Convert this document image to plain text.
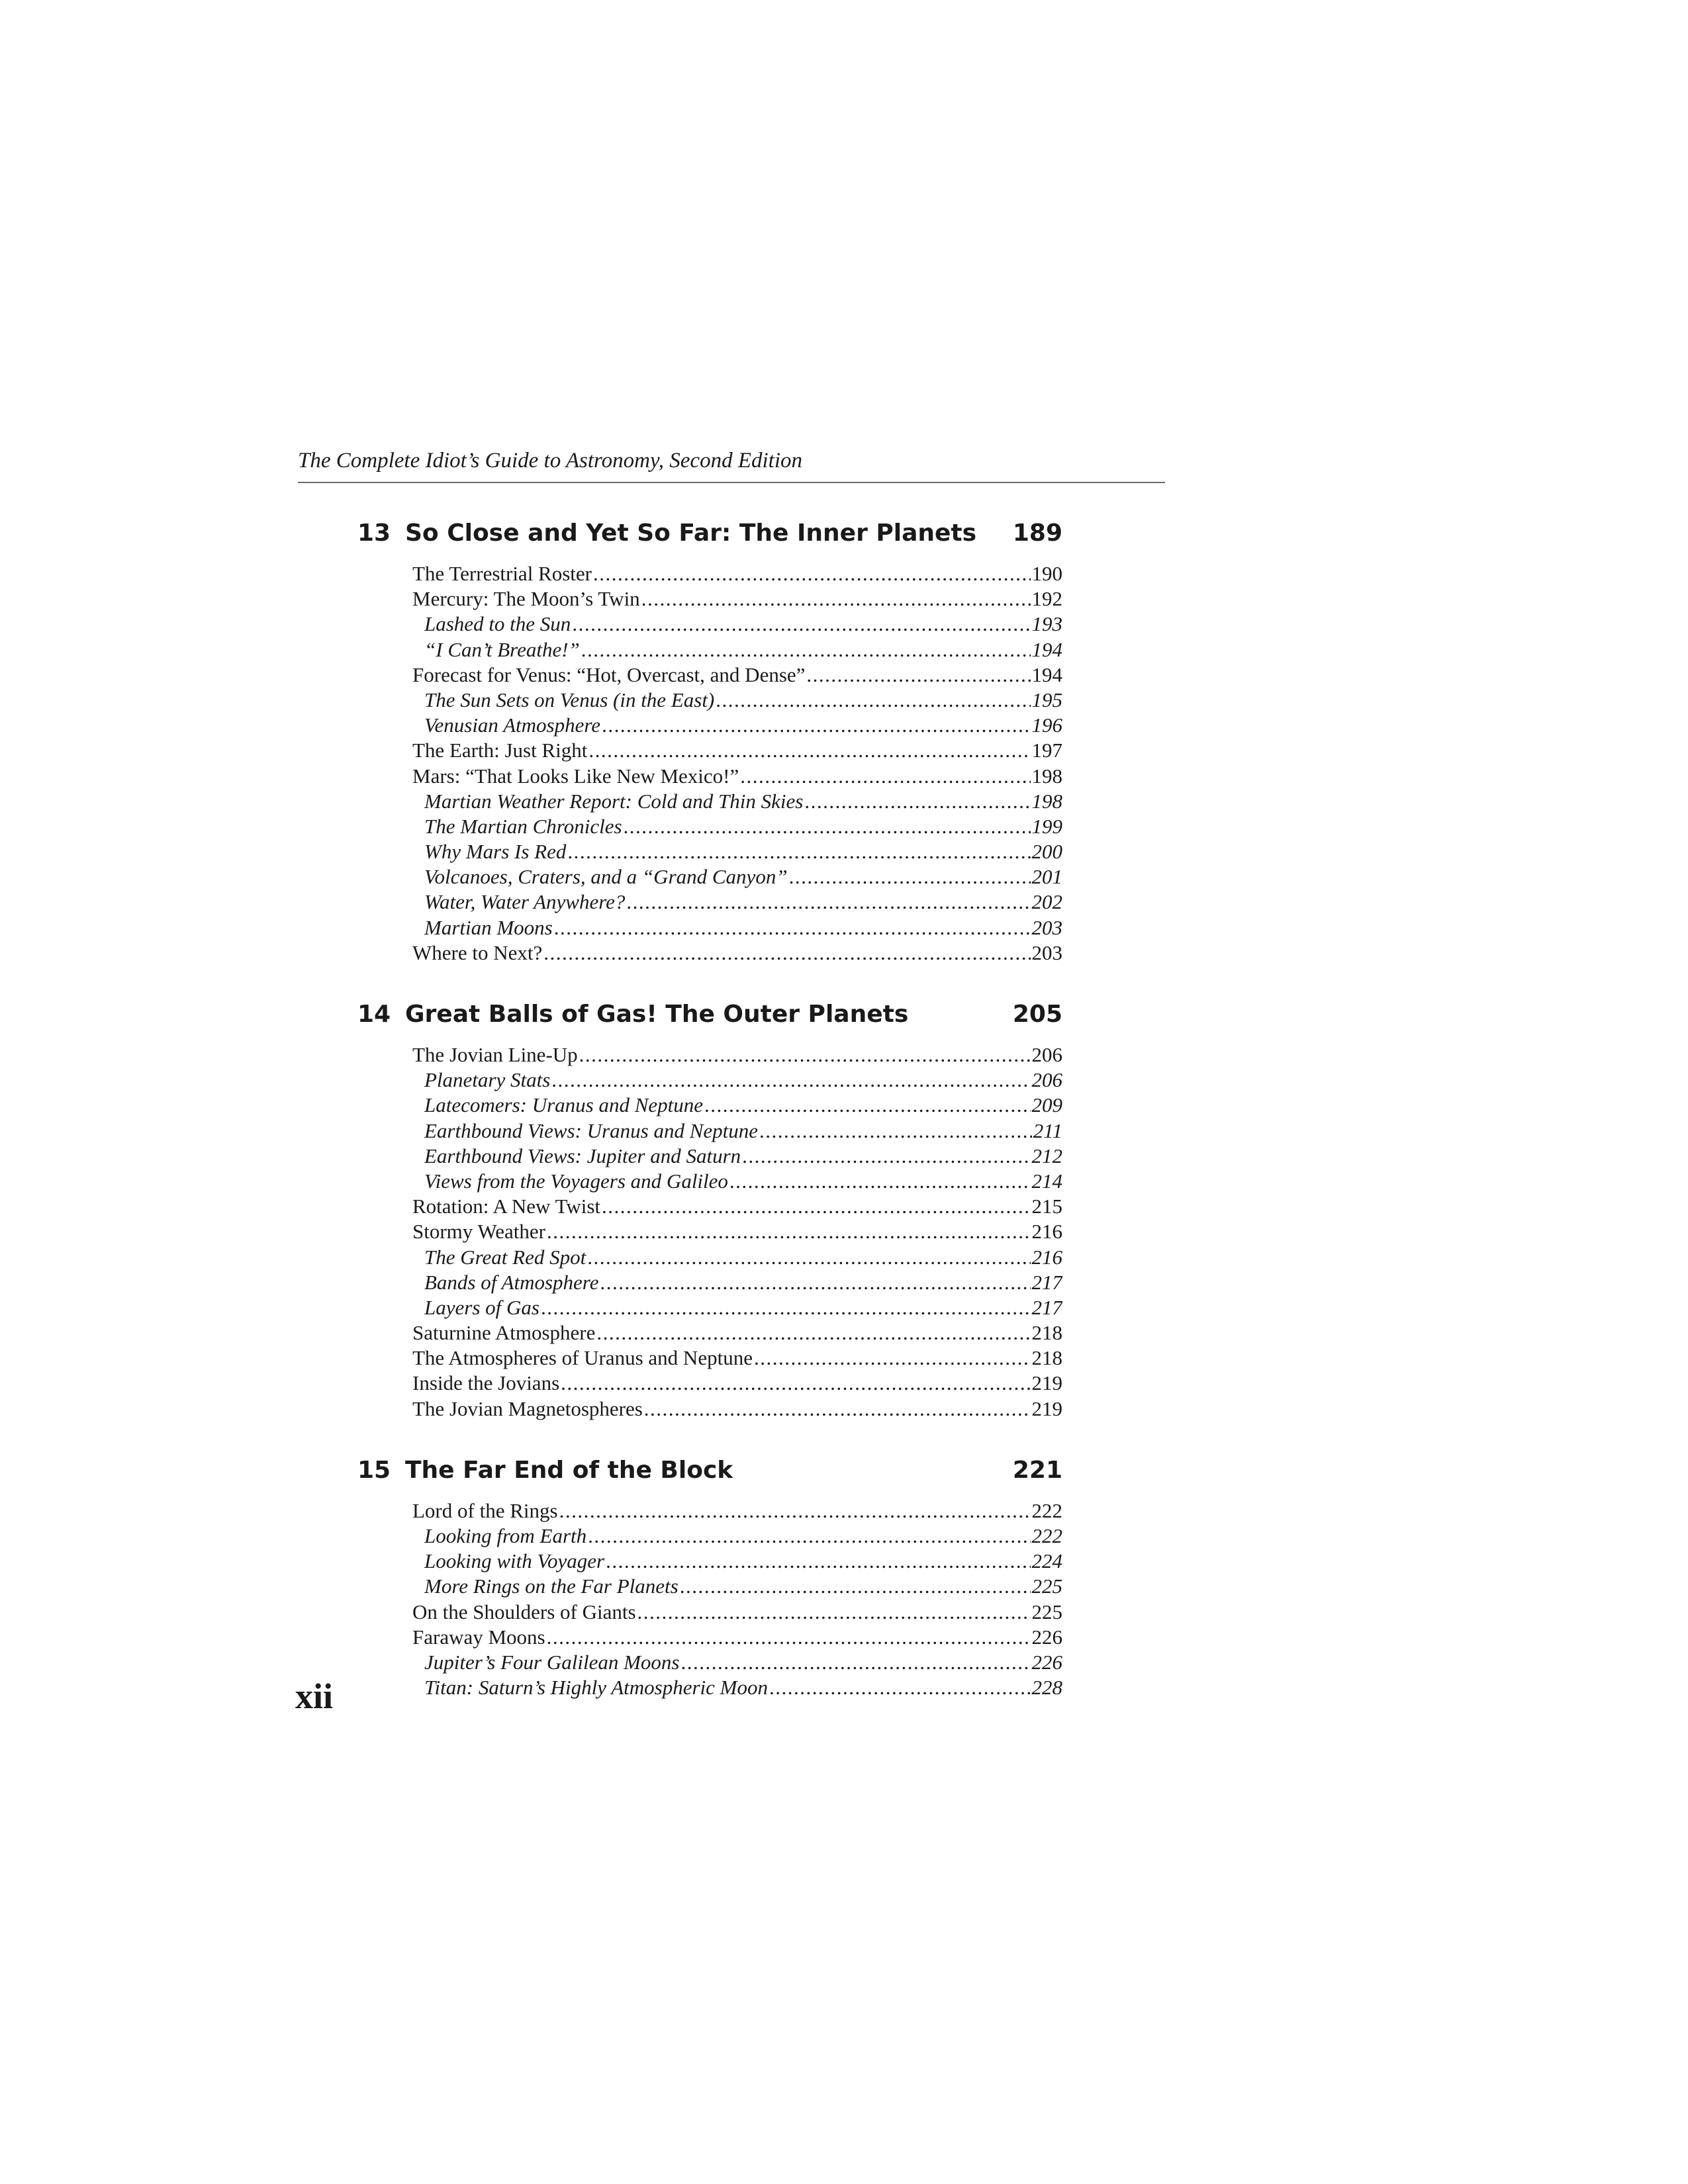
The Complete Idiot’s Guide to Astronomy, Second Edition
13 So Close and Yet So Far: The Inner Planets	189
The Terrestrial Roster .....	190
Mercury: The Moon’s Twin .....	192
Lashed to the Sun .....	193
“I Can’t Breathe!” .....	194
Forecast for Venus: “Hot, Overcast, and Dense” .....	194
The Sun Sets on Venus (in the East) .....	195
Venusian Atmosphere .....	196
The Earth: Just Right .....	197
Mars: “That Looks Like New Mexico!” .....	198
Martian Weather Report: Cold and Thin Skies .....	198
The Martian Chronicles .....	199
Why Mars Is Red .....	200
Volcanoes, Craters, and a “Grand Canyon” .....	201
Water, Water Anywhere? .....	202
Martian Moons .....	203
Where to Next? .....	203
14 Great Balls of Gas! The Outer Planets	205
The Jovian Line-Up .....	206
Planetary Stats .....	206
Latecomers: Uranus and Neptune .....	209
Earthbound Views: Uranus and Neptune .....	211
Earthbound Views: Jupiter and Saturn .....	212
Views from the Voyagers and Galileo .....	214
Rotation: A New Twist .....	215
Stormy Weather .....	216
The Great Red Spot .....	216
Bands of Atmosphere .....	217
Layers of Gas .....	217
Saturnine Atmosphere .....	218
The Atmospheres of Uranus and Neptune .....	218
Inside the Jovians .....	219
The Jovian Magnetospheres .....	219
15 The Far End of the Block	221
Lord of the Rings .....	222
Looking from Earth .....	222
Looking with Voyager .....	224
More Rings on the Far Planets .....	225
On the Shoulders of Giants .....	225
Faraway Moons .....	226
Jupiter’s Four Galilean Moons .....	226
Titan: Saturn’s Highly Atmospheric Moon .....	228
xii
